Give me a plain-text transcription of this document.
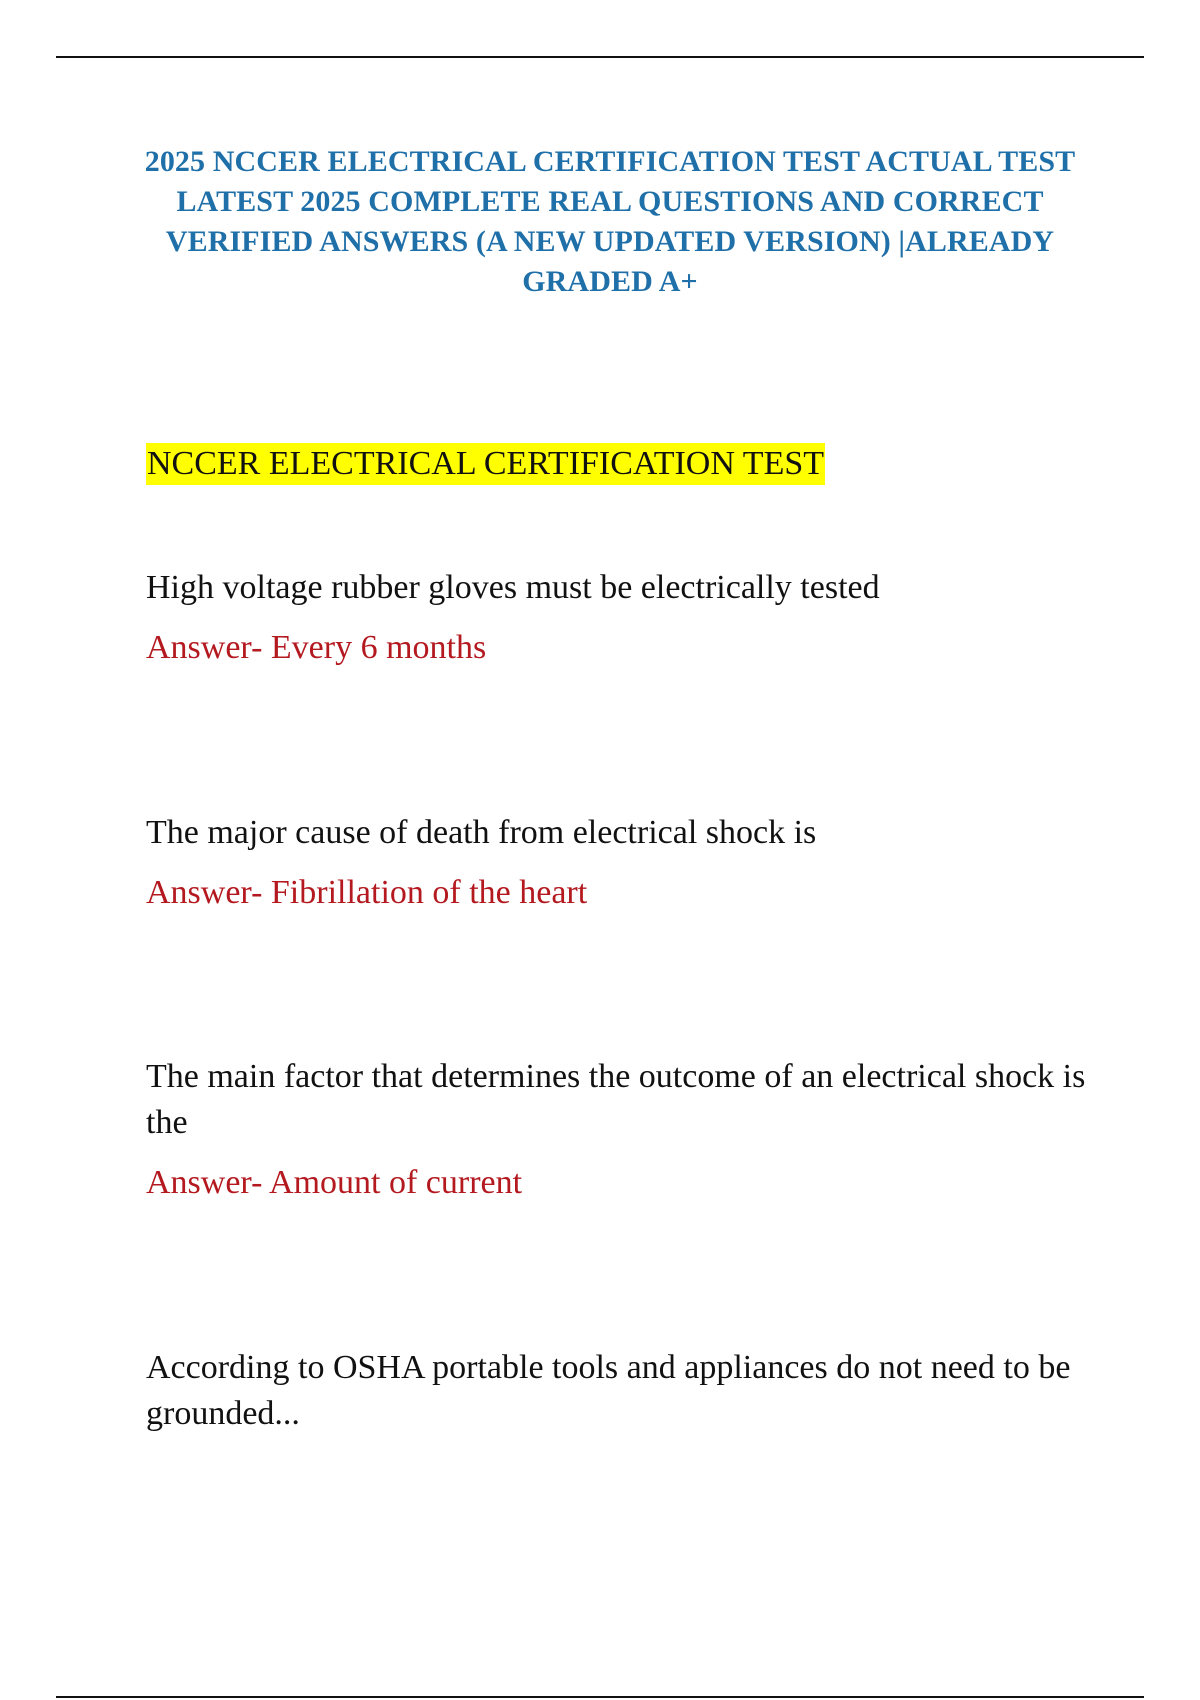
2025 NCCER ELECTRICAL CERTIFICATION TEST ACTUAL TEST LATEST 2025 COMPLETE REAL QUESTIONS AND CORRECT VERIFIED ANSWERS (A NEW UPDATED VERSION) |ALREADY GRADED A+
NCCER ELECTRICAL CERTIFICATION TEST

High voltage rubber gloves must be electrically tested

Answer- Every 6 months

The major cause of death from electrical shock is

Answer- Fibrillation of the heart

The main factor that determines the outcome of an electrical shock is the

Answer- Amount of current

According to OSHA portable tools and appliances do not need to be grounded...
